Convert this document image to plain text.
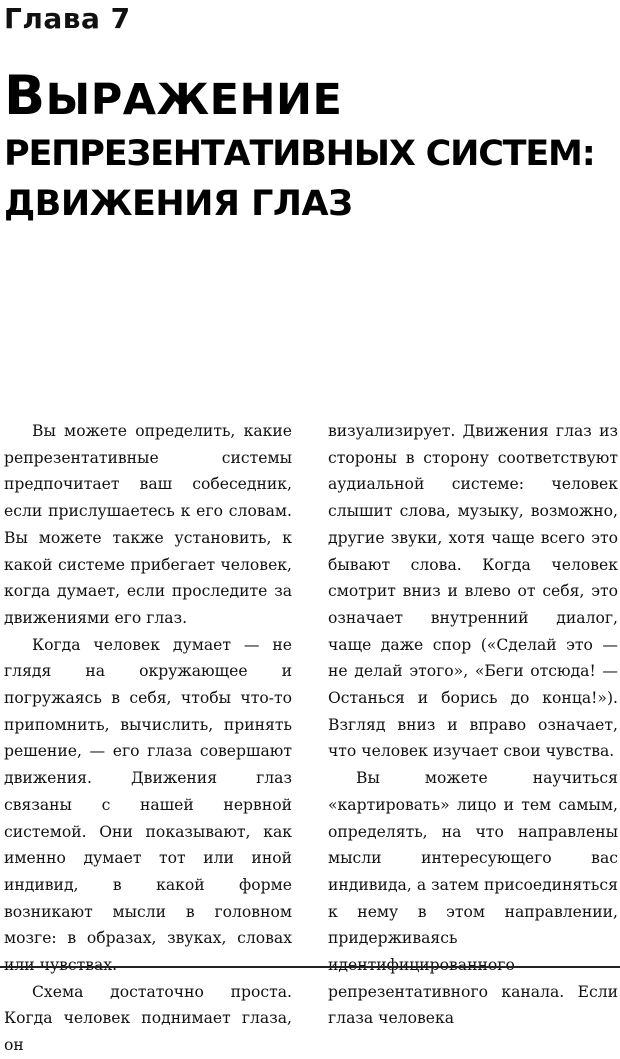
Глава 7
ВЫРАЖЕНИЕ
РЕПРЕЗЕНТАТИВНЫХ СИСТЕМ:
ДВИЖЕНИЯ ГЛАЗ

Вы можете определить, какие репрезентативные системы предпочитает ваш собеседник, если прислушаетесь к его словам. Вы можете также установить, к какой системе прибегает человек, когда думает, если проследите за движениями его глаз.

Когда человек думает — не глядя на окружающее и погружаясь в себя, чтобы что-то припомнить, вычислить, принять решение, — его глаза совершают движения. Движения глаз связаны с нашей нервной системой. Они показывают, как именно думает тот или иной индивид, в какой форме возникают мысли в головном мозге: в образах, звуках, словах

Схема достаточно проста. Когда человек поднимает глаза, он

визуализирует. Движения глаз из стороны в сторону соответствуют аудиальной системе: человек слышит слова, музыку, возможно, другие звуки, хотя чаще всего это бывают слова. Когда человек смотрит вниз и влево от себя, это означает внутренний диалог, чаще даже спор («Сделай это — не делай этого», «Беги отсюда! — Останься и борись до конца!»). Взгляд вниз и вправо означает, что человек изучает свои чувства.

Вы можете научиться «картировать» лицо и тем самым, определять, на что направлены мысли интересующего вас индивида, а затем присоединяться к нему в этом направлении, придерживаясь репрезентативного канала. Если глаза человека
